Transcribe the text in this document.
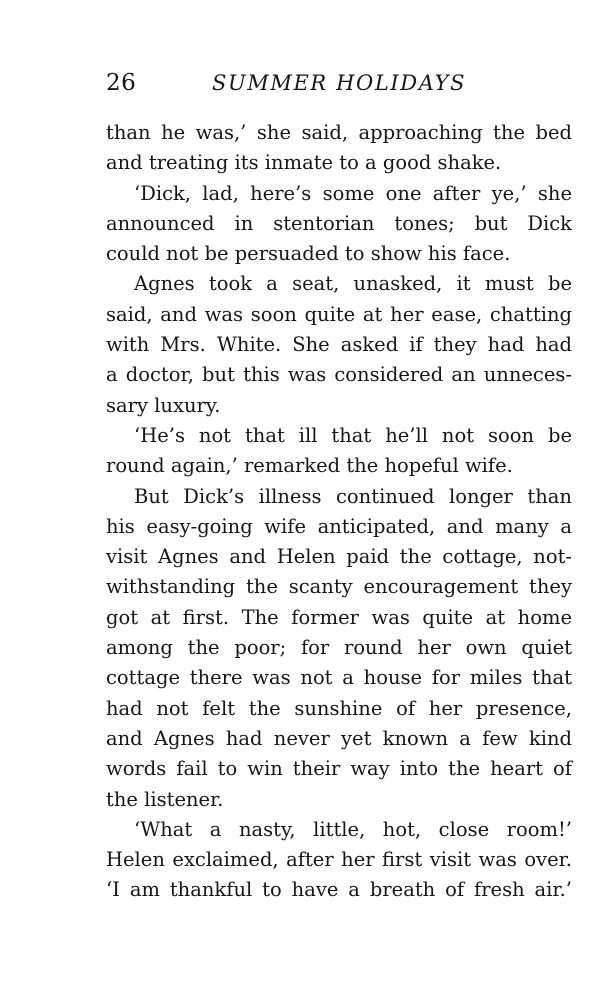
26	SUMMER HOLIDAYS
than he was,’ she said, approaching the bed
and treating its inmate to a good shake.
‘Dick, lad, here’s some one after ye,’ she
announced in stentorian tones; but Dick
could not be persuaded to show his face.
Agnes took a seat, unasked, it must be
said, and was soon quite at her ease, chatting
with Mrs. White. She asked if they had had
a doctor, but this was considered an unneces-
sary luxury.
‘He’s not that ill that he’ll not soon be
round again,’ remarked the hopeful wife.
But Dick’s illness continued longer than
his easy-going wife anticipated, and many a
visit Agnes and Helen paid the cottage, not-
withstanding the scanty encouragement they
got at first. The former was quite at home
among the poor; for round her own quiet
cottage there was not a house for miles that
had not felt the sunshine of her presence,
and Agnes had never yet known a few kind
words fail to win their way into the heart of
the listener.
‘What a nasty, little, hot, close room!’
Helen exclaimed, after her first visit was over.
‘I am thankful to have a breath of fresh air.’
